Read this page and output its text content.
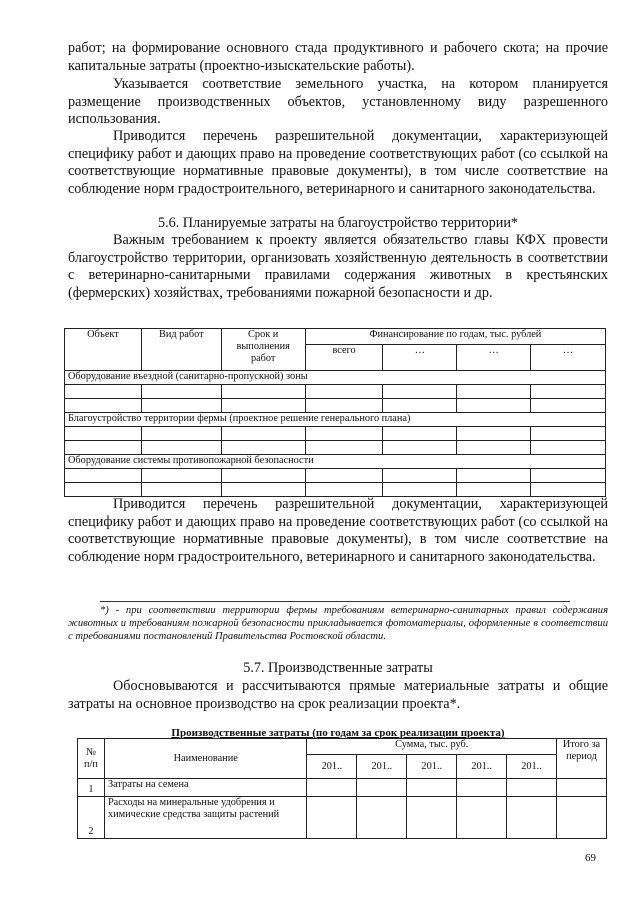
работ; на формирование основного стада продуктивного и рабочего скота; на прочие капитальные затраты (проектно-изыскательские работы).

Указывается соответствие земельного участка, на котором планируется размещение производственных объектов, установленному виду разрешенного использования.

Приводится перечень разрешительной документации, характеризующей специфику работ и дающих право на проведение соответствующих работ (со ссылкой на соответствующие нормативные правовые документы), в том числе соответствие на соблюдение норм градостроительного, ветеринарного и санитарного законодательства.

5.6. Планируемые затраты на благоустройство территории*

Важным требованием к проекту является обязательство главы КФХ провести благоустройство территории, организовать хозяйственную деятельность в соответствии с ветеринарно-санитарными правилами содержания животных в крестьянских (фермерских) хозяйствах, требованиями пожарной безопасности и др.

Объект	Вид работ	Срок и выполнения работ	Финансирование по годам, тыс. рублей			
			всего	…	…	…
Оборудование въездной (санитарно-пропускной) зоны						

Благоустройство территории фермы (проектное решение генерального плана)						

Оборудование системы противопожарной безопасности						

Приводится перечень разрешительной документации, характеризующей специфику работ и дающих право на проведение соответствующих работ (со ссылкой на соответствующие нормативные правовые документы), в том числе соответствие на соблюдение норм градостроительного, ветеринарного и санитарного законодательства.

*) - при соответствии территории фермы требованиям ветеринарно-санитарных правил содержания животных и требованиям пожарной безопасности прикладывается фотоматериалы, оформленные в соответствии с требованиями постановлений Правительства Ростовской области.

5.7. Производственные затраты

Обосновываются и рассчитываются прямые материальные затраты и общие затраты на основное производство на срок реализации проекта*.

Производственные затраты (по годам за срок реализации проекта)

№ п/п	Наименование	Сумма, тыс. руб.					Итого за период
		201..	201..	201..	201..	201..	
1	Затраты на семена						
2	Расходы на минеральные удобрения и химические средства защиты растений						
69
